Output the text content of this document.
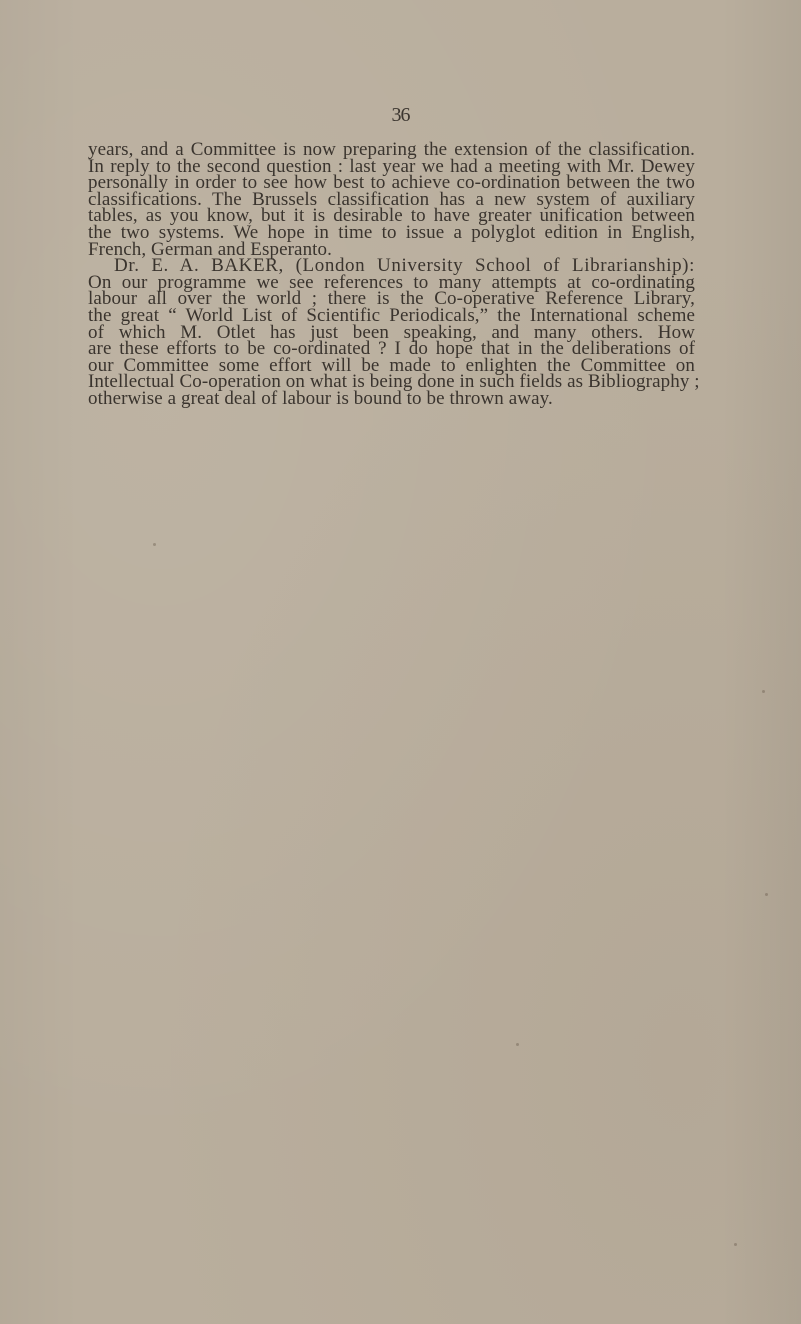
36
years, and a Committee is now preparing the extension of the classification.
In reply to the second question : last year we had a meeting with Mr. Dewey
personally in order to see how best to achieve co-ordination between the two
classifications. The Brussels classification has a new system of auxiliary
tables, as you know, but it is desirable to have greater unification between
the two systems. We hope in time to issue a polyglot edition in English,
French, German and Esperanto.
Dr. E. A. BAKER, (London University School of Librarianship):
On our programme we see references to many attempts at co-ordinating
labour all over the world ; there is the Co-operative Reference Library,
the great “ World List of Scientific Periodicals,” the International scheme
of which M. Otlet has just been speaking, and many others. How
are these efforts to be co-ordinated ? I do hope that in the deliberations of
our Committee some effort will be made to enlighten the Committee on
Intellectual Co-operation on what is being done in such fields as Bibliography ;
otherwise a great deal of labour is bound to be thrown away.
